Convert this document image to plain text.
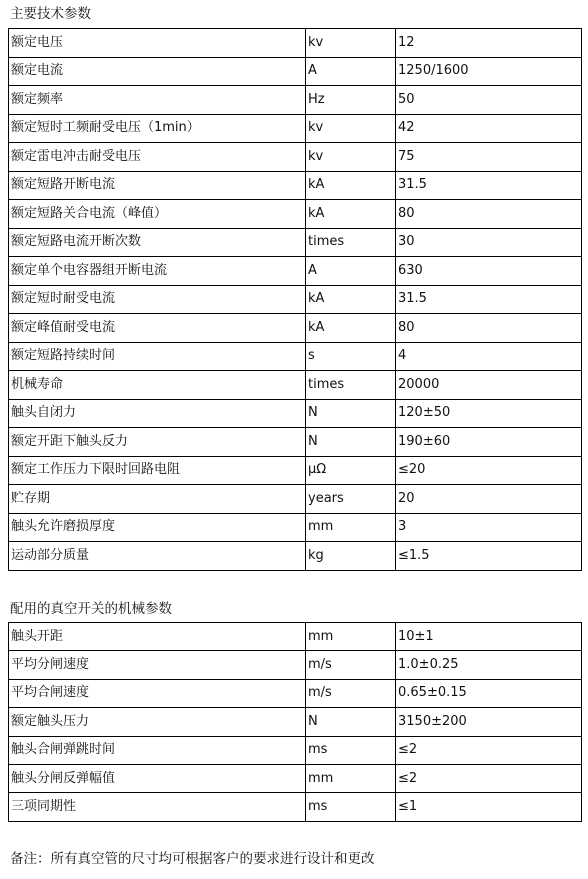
主要技术参数
额定电压	kv	12
额定电流	A	1250/1600
额定频率	Hz	50
额定短时工频耐受电压（1min）	kv	42
额定雷电冲击耐受电压	kv	75
额定短路开断电流	kA	31.5
额定短路关合电流（峰值）	kA	80
额定短路电流开断次数	times	30
额定单个电容器组开断电流	A	630
额定短时耐受电流	kA	31.5
额定峰值耐受电流	kA	80
额定短路持续时间	s	4
机械寿命	times	20000
触头自闭力	N	120±50
额定开距下触头反力	N	190±60
额定工作压力下限时回路电阻	μΩ	≤20
贮存期	years	20
触头允许磨损厚度	mm	3
运动部分质量	kg	≤1.5
配用的真空开关的机械参数
触头开距	mm	10±1
平均分闸速度	m/s	1.0±0.25
平均合闸速度	m/s	0.65±0.15
额定触头压力	N	3150±200
触头合闸弹跳时间	ms	≤2
触头分闸反弹幅值	mm	≤2
三项同期性	ms	≤1
备注：所有真空管的尺寸均可根据客户的要求进行设计和更改
